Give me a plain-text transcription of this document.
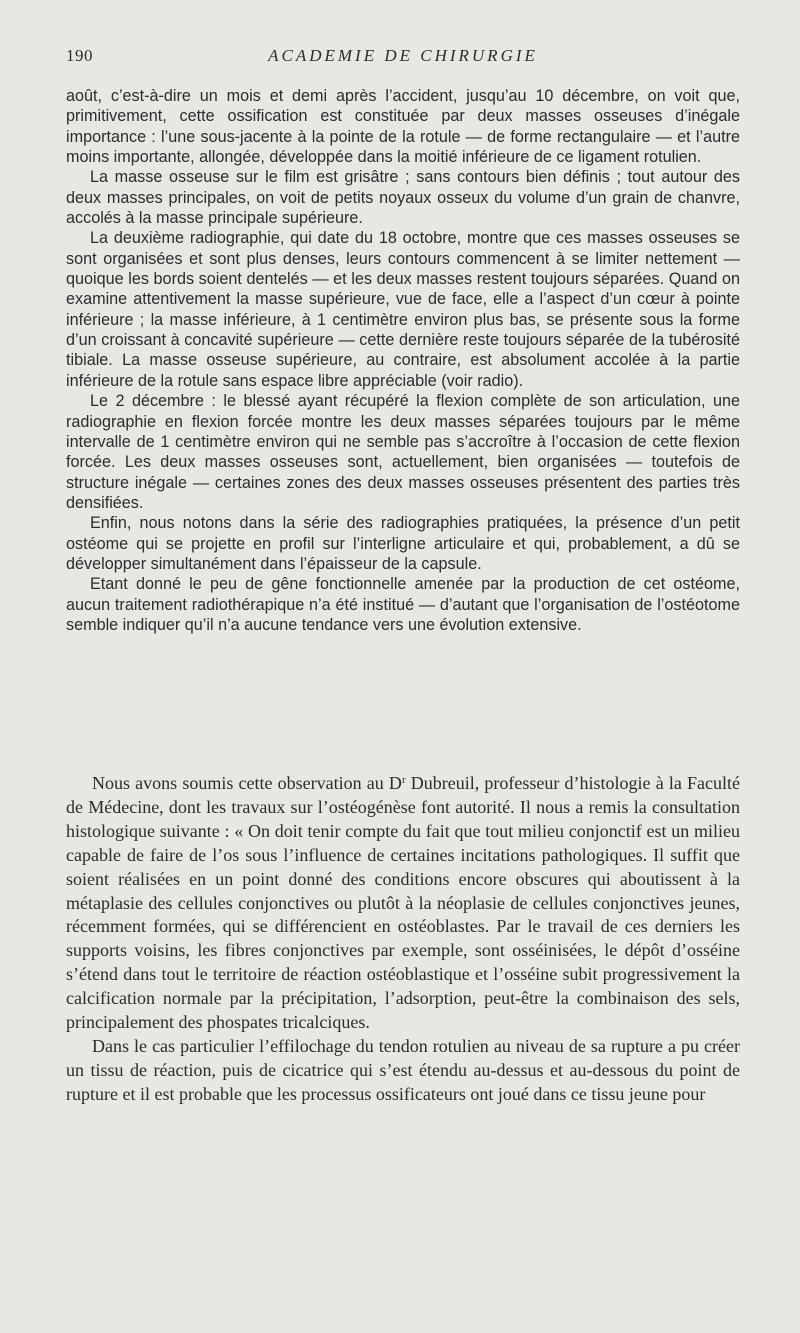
190	ACADEMIE DE CHIRURGIE

août, c’est-à-dire un mois et demi après l’accident, jusqu’au 10 décembre, on voit que, primitivement, cette ossification est constituée par deux masses osseuses d’inégale importance : l’une sous-jacente à la pointe de la rotule — de forme rectangulaire — et l’autre moins importante, allongée, développée dans la moitié inférieure de ce ligament rotulien.

La masse osseuse sur le film est grisâtre ; sans contours bien définis ; tout autour des deux masses principales, on voit de petits noyaux osseux du volume d’un grain de chanvre, accolés à la masse principale supérieure.

La deuxième radiographie, qui date du 18 octobre, montre que ces masses osseuses se sont organisées et sont plus denses, leurs contours commencent à se limiter nettement — quoique les bords soient dentelés — et les deux masses restent toujours séparées. Quand on examine attentivement la masse supérieure, vue de face, elle a l’aspect d’un cœur à pointe inférieure ; la masse inférieure, à 1 centimètre environ plus bas, se présente sous la forme d’un croissant à concavité supérieure — cette dernière reste toujours séparée de la tubérosité tibiale. La masse osseuse supérieure, au contraire, est absolument accolée à la partie inférieure de la rotule sans espace libre appréciable (voir radio).

Le 2 décembre : le blessé ayant récupéré la flexion complète de son articulation, une radiographie en flexion forcée montre les deux masses séparées toujours par le même intervalle de 1 centimètre environ qui ne semble pas s’accroître à l’occasion de cette flexion forcée. Les deux masses osseuses sont, actuellement, bien organisées — toutefois de structure inégale — certaines zones des deux masses osseuses présentent des parties très densifiées.

Enfin, nous notons dans la série des radiographies pratiquées, la présence d’un petit ostéome qui se projette en profil sur l’interligne articulaire et qui, probablement, a dû se développer simultanément dans l’épaisseur de la capsule.

Etant donné le peu de gêne fonctionnelle amenée par la production de cet ostéome, aucun traitement radiothérapique n’a été institué — d’autant que l’organisation de l’ostéotome semble indiquer qu’il n’a aucune tendance vers une évolution extensive.

Nous avons soumis cette observation au $D^r$ Dubreuil, professeur d’histologie à la Faculté de Médecine, dont les travaux sur l’ostéogénèse font autorité. Il nous a remis la consultation histologique suivante : « On doit tenir compte du fait que tout milieu conjonctif est un milieu capable de faire de l’os sous l’influence de certaines incitations pathologiques. Il suffit que soient réalisées en un point donné des conditions encore obscures qui aboutissent à la métaplasie des cellules conjonctives ou plutôt à la néoplasie de cellules conjonctives jeunes, récemment formées, qui se différencient en ostéoblastes. Par le travail de ces derniers les supports voisins, les fibres conjonctives par exemple, sont osséinisées, le dépôt d’osséine s’étend dans tout le territoire de réaction ostéoblastique et l’osséine subit progressivement la calcification normale par la précipitation, l’adsorption, peut-être la combinaison des sels, principalement des phospates tricalciques.

Dans le cas particulier l’effilochage du tendon rotulien au niveau de sa rupture a pu créer un tissu de réaction, puis de cicatrice qui s’est étendu au-dessus et au-dessous du point de rupture et il est probable que les processus ossificateurs ont joué dans ce tissu jeune pour
